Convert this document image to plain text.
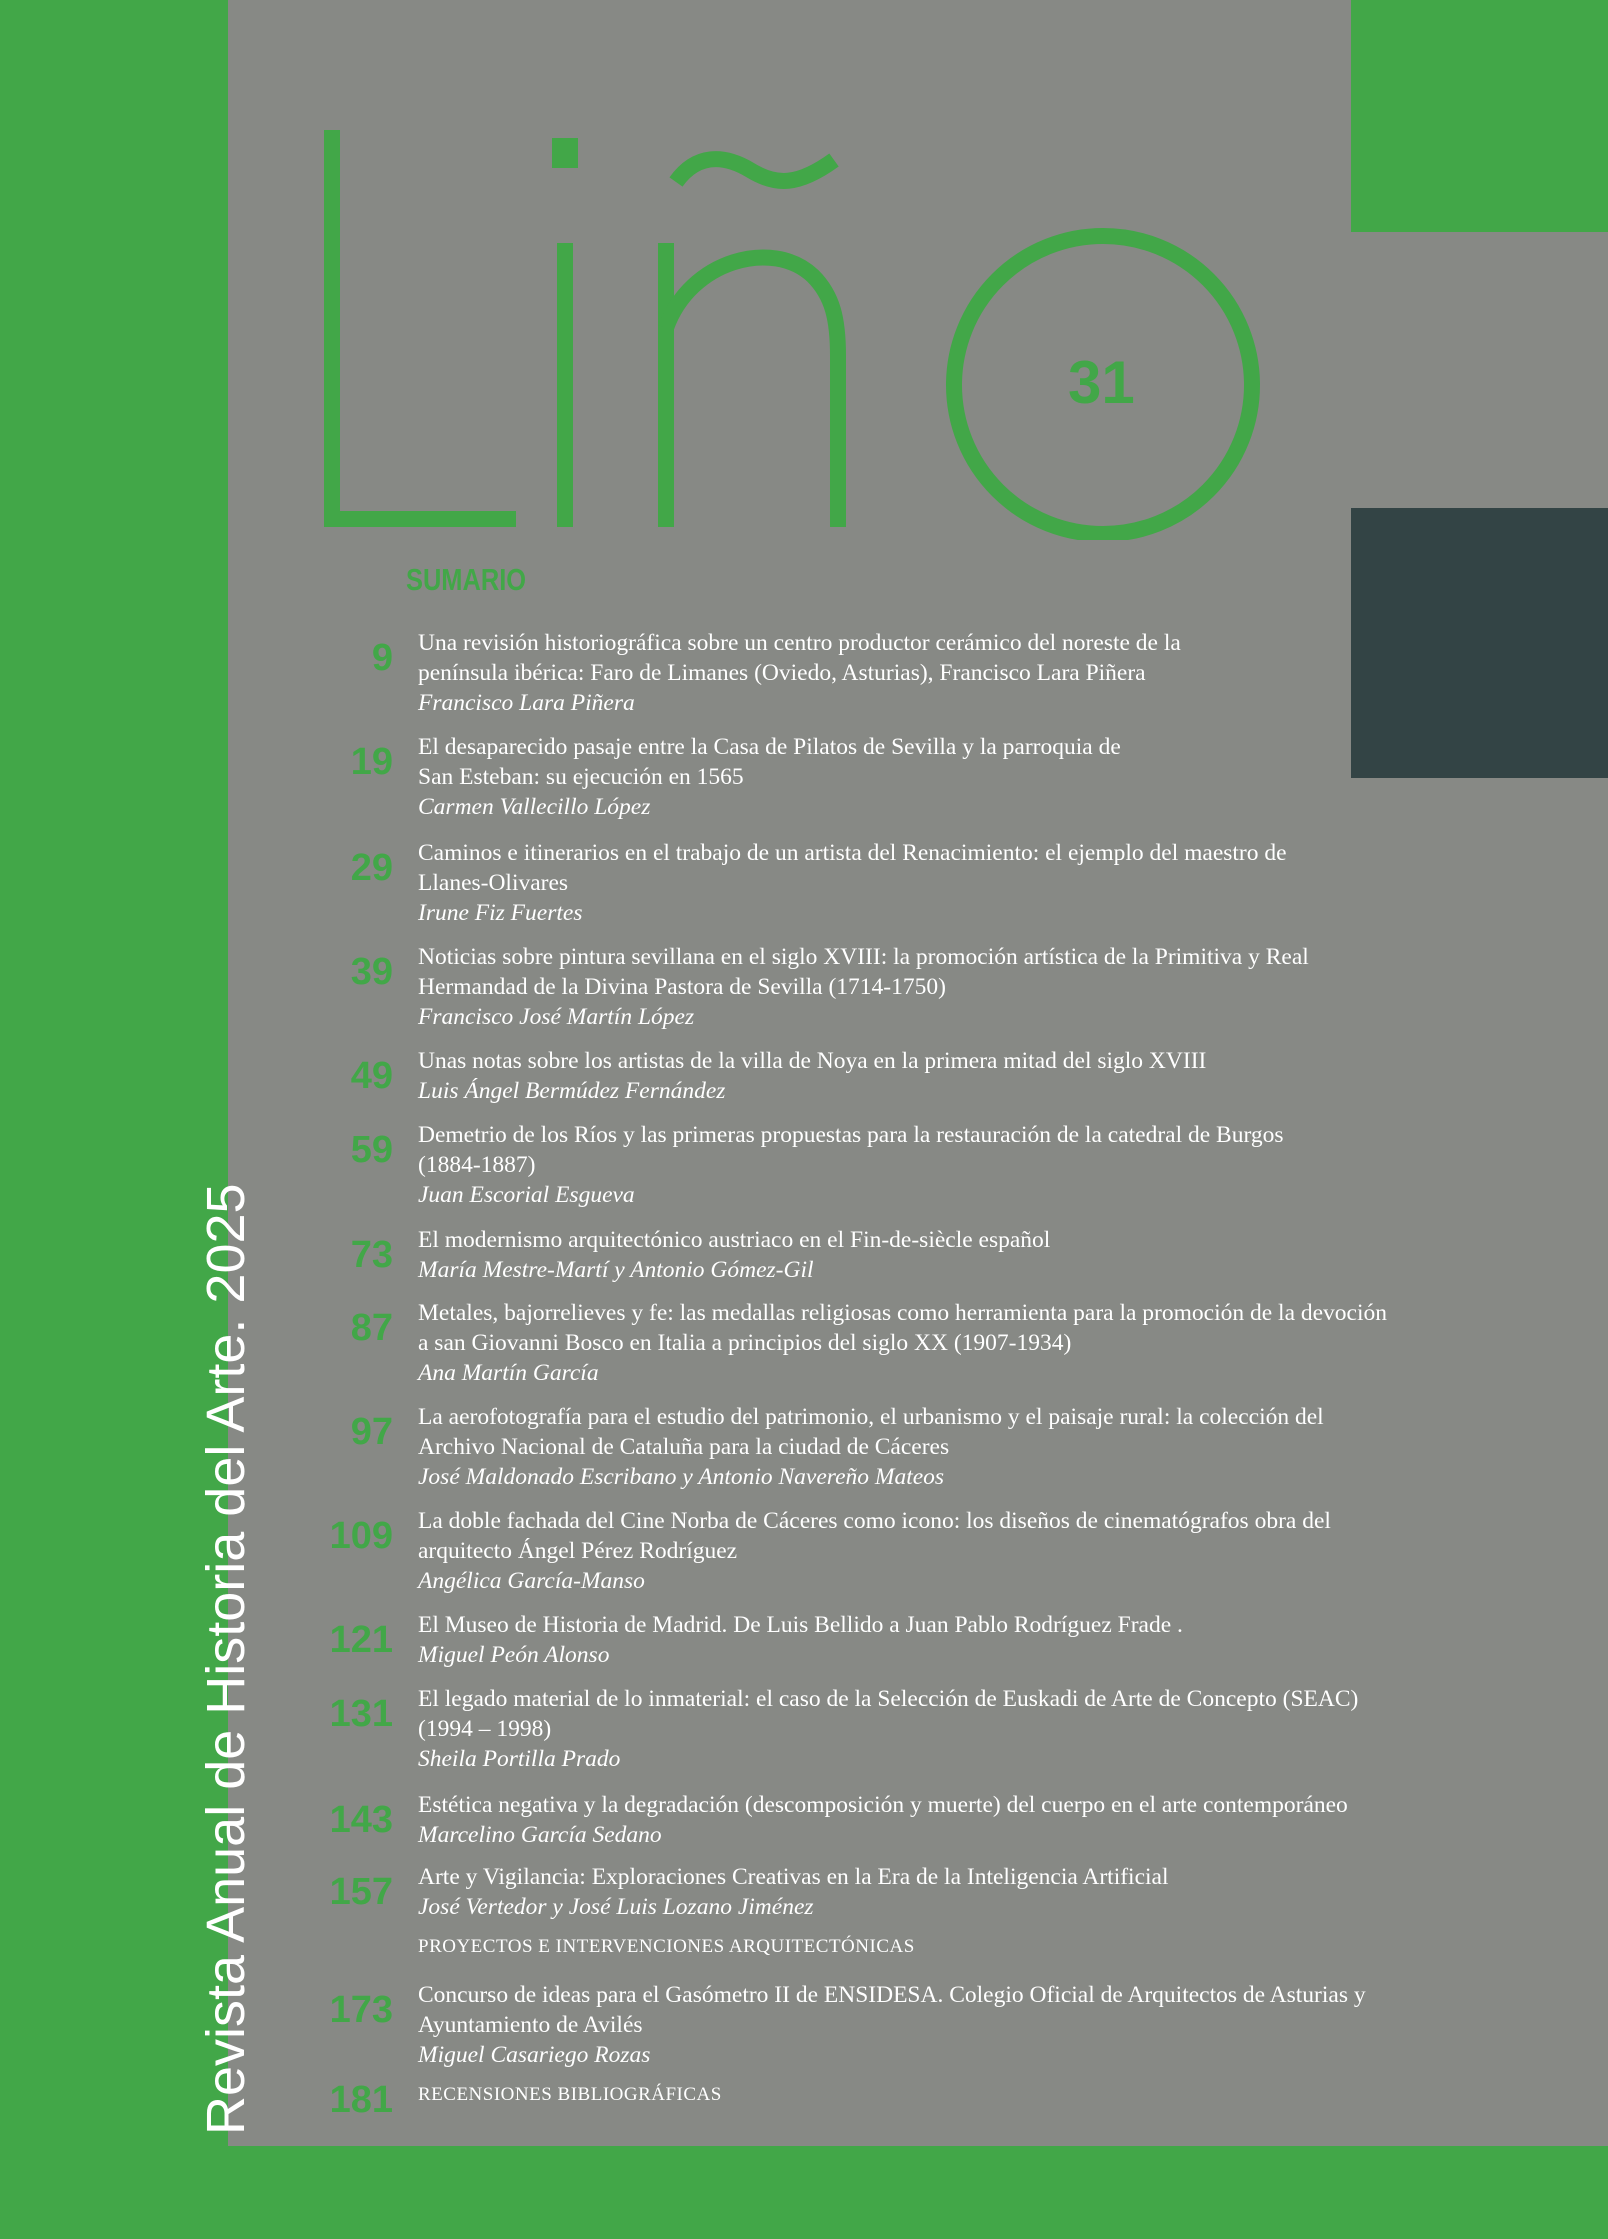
Revista Anual de Historia del Arte. 2025
31
SUMARIO
9 Una revisión historiográfica sobre un centro productor cerámico del noreste de la
península ibérica: Faro de Limanes (Oviedo, Asturias), Francisco Lara Piñera
Francisco Lara Piñera
19 El desaparecido pasaje entre la Casa de Pilatos de Sevilla y la parroquia de
San Esteban: su ejecución en 1565
Carmen Vallecillo López
29 Caminos e itinerarios en el trabajo de un artista del Renacimiento: el ejemplo del maestro de
Llanes-Olivares
Irune Fiz Fuertes
39 Noticias sobre pintura sevillana en el siglo XVIII: la promoción artística de la Primitiva y Real
Hermandad de la Divina Pastora de Sevilla (1714-1750)
Francisco José Martín López
49 Unas notas sobre los artistas de la villa de Noya en la primera mitad del siglo XVIII
Luis Ángel Bermúdez Fernández
59 Demetrio de los Ríos y las primeras propuestas para la restauración de la catedral de Burgos
(1884-1887)
Juan Escorial Esgueva
73 El modernismo arquitectónico austriaco en el Fin-de-siècle español
María Mestre-Martí y Antonio Gómez-Gil
87 Metales, bajorrelieves y fe: las medallas religiosas como herramienta para la promoción de la devoción
a san Giovanni Bosco en Italia a principios del siglo XX (1907-1934)
Ana Martín García
97 La aerofotografía para el estudio del patrimonio, el urbanismo y el paisaje rural: la colección del
Archivo Nacional de Cataluña para la ciudad de Cáceres
José Maldonado Escribano y Antonio Navereño Mateos
109 La doble fachada del Cine Norba de Cáceres como icono: los diseños de cinematógrafos obra del
arquitecto Ángel Pérez Rodríguez
Angélica García-Manso
121 El Museo de Historia de Madrid. De Luis Bellido a Juan Pablo Rodríguez Frade .
Miguel Peón Alonso
131 El legado material de lo inmaterial: el caso de la Selección de Euskadi de Arte de Concepto (SEAC)
(1994 – 1998)
Sheila Portilla Prado
143 Estética negativa y la degradación (descomposición y muerte) del cuerpo en el arte contemporáneo
Marcelino García Sedano
157 Arte y Vigilancia: Exploraciones Creativas en la Era de la Inteligencia Artificial
José Vertedor y José Luis Lozano Jiménez
PROYECTOS E INTERVENCIONES ARQUITECTÓNICAS
173 Concurso de ideas para el Gasómetro II de ENSIDESA. Colegio Oficial de Arquitectos de Asturias y
Ayuntamiento de Avilés
Miguel Casariego Rozas
181 RECENSIONES BIBLIOGRÁFICAS
